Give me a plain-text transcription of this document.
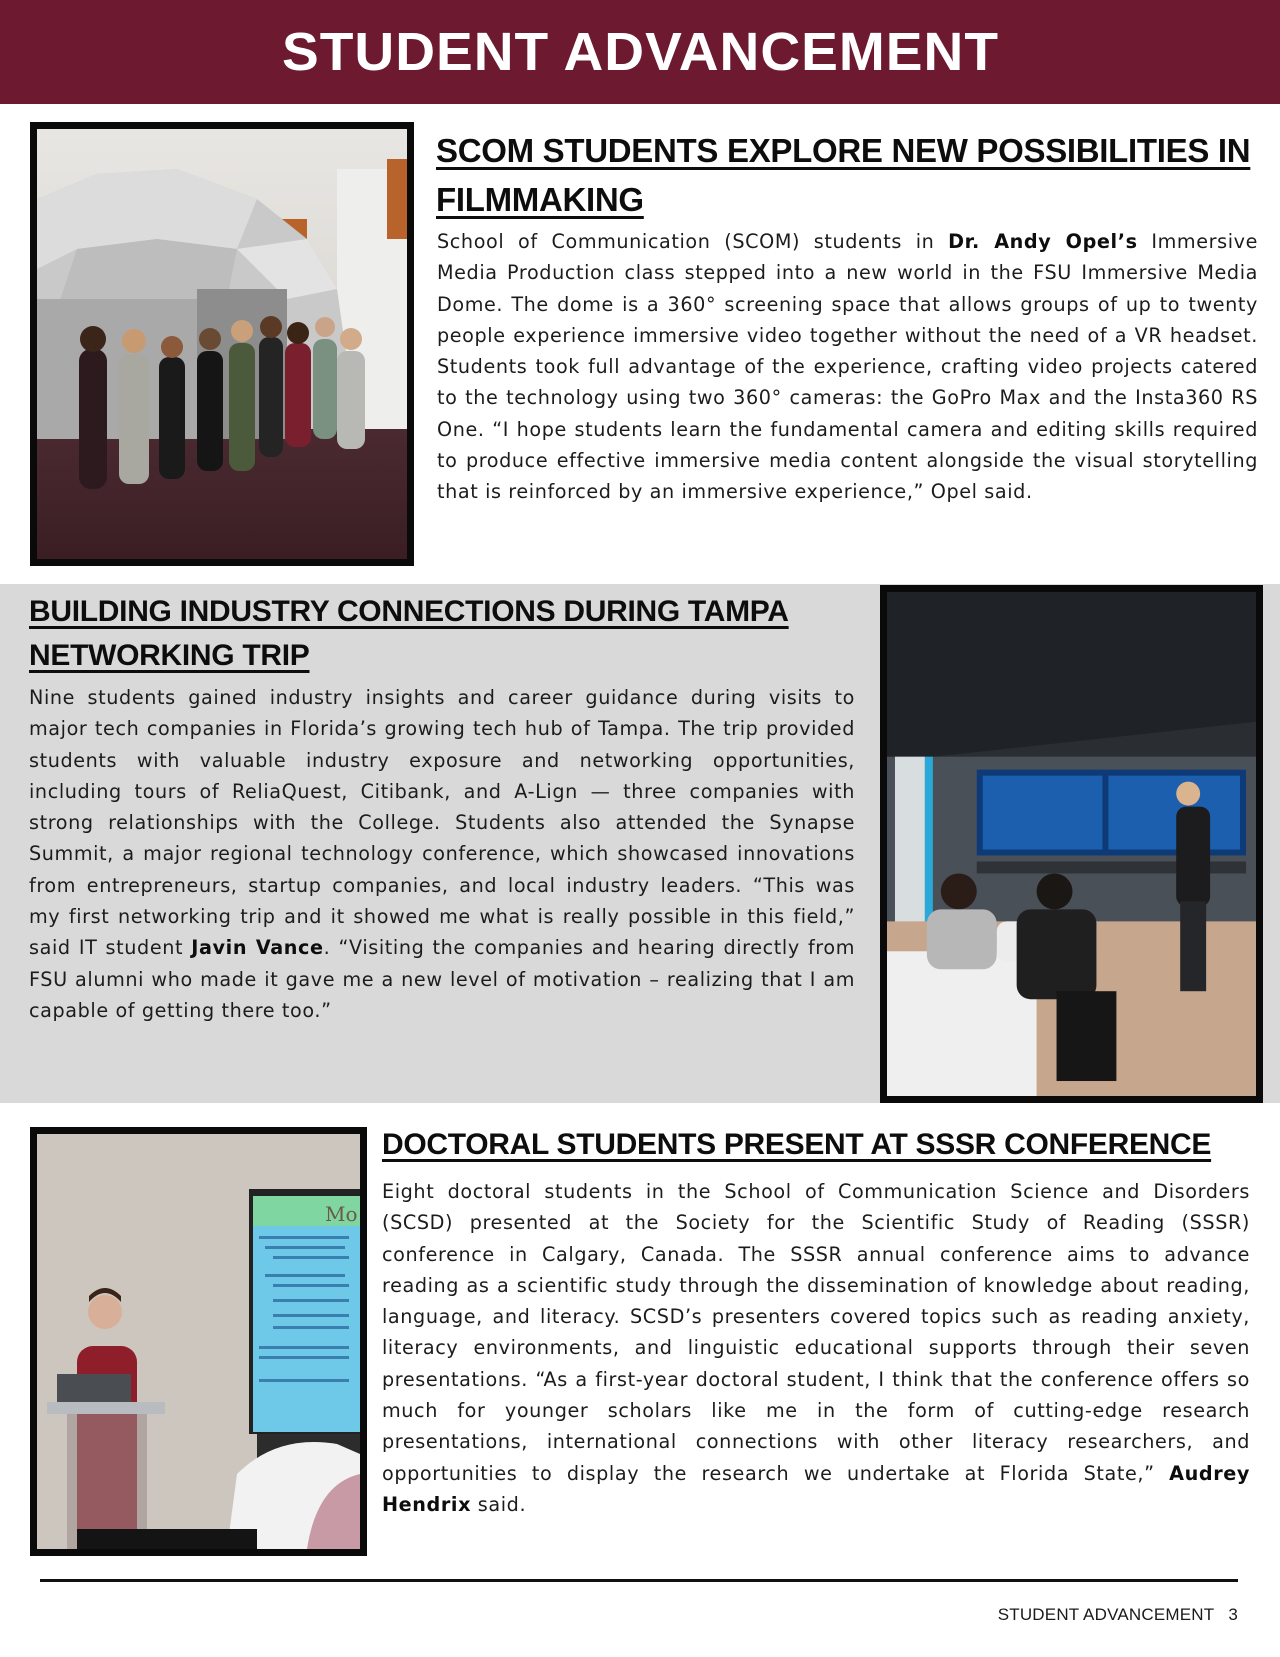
STUDENT ADVANCEMENT
SCOM STUDENTS EXPLORE NEW POSSIBILITIES IN FILMMAKING

School of Communication (SCOM) students in Dr. Andy Opel’s Immersive Media Production class stepped into a new world in the FSU Immersive Media Dome. The dome is a 360° screening space that allows groups of up to twenty people experience immersive video together without the need of a VR headset. Students took full advantage of the experience, crafting video projects catered to the technology using two 360° cameras: the GoPro Max and the Insta360 RS One. “I hope students learn the fundamental camera and editing skills required to produce effective immersive media content alongside the visual storytelling that is reinforced by an immersive experience,” Opel said.

BUILDING INDUSTRY CONNECTIONS DURING TAMPA NETWORKING TRIP

Nine students gained industry insights and career guidance during visits to major tech companies in Florida’s growing tech hub of Tampa. The trip provided students with valuable industry exposure and networking opportunities, including tours of ReliaQuest, Citibank, and A-Lign — three companies with strong relationships with the College. Students also attended the Synapse Summit, a major regional technology conference, which showcased innovations from entrepreneurs, startup companies, and local industry leaders. “This was my first networking trip and it showed me what is really possible in this field,” said IT student Javin Vance. “Visiting the companies and hearing directly from FSU alumni who made it gave me a new level of motivation – realizing that I am capable of getting there too.”

Mo
DOCTORAL STUDENTS PRESENT AT SSSR CONFERENCE

Eight doctoral students in the School of Communication Science and Disorders (SCSD) presented at the Society for the Scientific Study of Reading (SSSR) conference in Calgary, Canada. The SSSR annual conference aims to advance reading as a scientific study through the dissemination of knowledge about reading, language, and literacy. SCSD’s presenters covered topics such as reading anxiety, literacy environments, and linguistic educational supports through their seven presentations. “As a first-year doctoral student, I think that the conference offers so much for younger scholars like me in the form of cutting-edge research presentations, international connections with other literacy researchers, and opportunities to display the research we undertake at Florida State,” Audrey Hendrix said.

STUDENT ADVANCEMENT 3
